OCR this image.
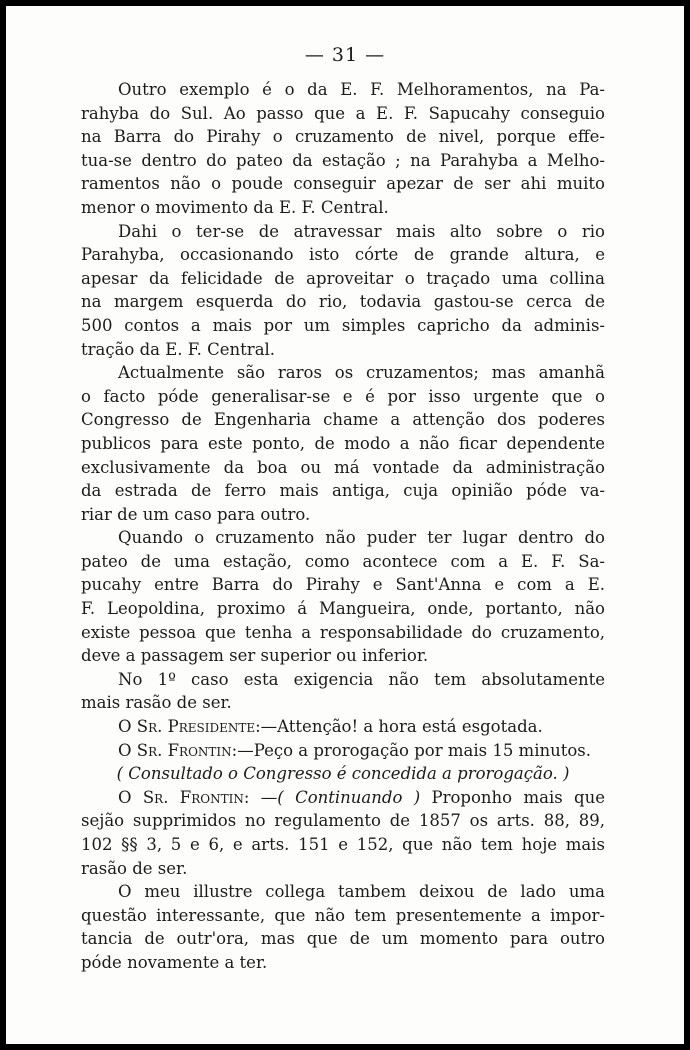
— 31 —
Outro exemplo é o da E. F. Melhoramentos, na Pa-
rahyba do Sul. Ao passo que a E. F. Sapucahy conseguio
na Barra do Pirahy o cruzamento de nivel, porque effe-
tua-se dentro do pateo da estação ; na Parahyba a Melho-
ramentos não o poude conseguir apezar de ser ahi muito
menor o movimento da E. F. Central.
Dahi o ter-se de atravessar mais alto sobre o rio
Parahyba, occasionando isto córte de grande altura, e
apesar da felicidade de aproveitar o traçado uma collina
na margem esquerda do rio, todavia gastou-se cerca de
500 contos a mais por um simples capricho da adminis-
tração da E. F. Central.
Actualmente são raros os cruzamentos; mas amanhã
o facto póde generalisar-se e é por isso urgente que o
Congresso de Engenharia chame a attenção dos poderes
publicos para este ponto, de modo a não ficar dependente
exclusivamente da boa ou má vontade da administração
da estrada de ferro mais antiga, cuja opinião póde va-
riar de um caso para outro.
Quando o cruzamento não puder ter lugar dentro do
pateo de uma estação, como acontece com a E. F. Sa-
pucahy entre Barra do Pirahy e Sant'Anna e com a E.
F. Leopoldina, proximo á Mangueira, onde, portanto, não
existe pessoa que tenha a responsabilidade do cruzamento,
deve a passagem ser superior ou inferior.
No 1º caso esta exigencia não tem absolutamente
mais rasão de ser.
O Sr. Presidente:—Attenção! a hora está esgotada.
O Sr. Frontin:—Peço a prorogação por mais 15 minutos.
( Consultado o Congresso é concedida a prorogação. )
O Sr. Frontin: —( Continuando ) Proponho mais que
sejão supprimidos no regulamento de 1857 os arts. 88, 89,
102 §§ 3, 5 e 6, e arts. 151 e 152, que não tem hoje mais
rasão de ser.
O meu illustre collega tambem deixou de lado uma
questão interessante, que não tem presentemente a impor-
tancia de outr'ora, mas que de um momento para outro
póde novamente a ter.
